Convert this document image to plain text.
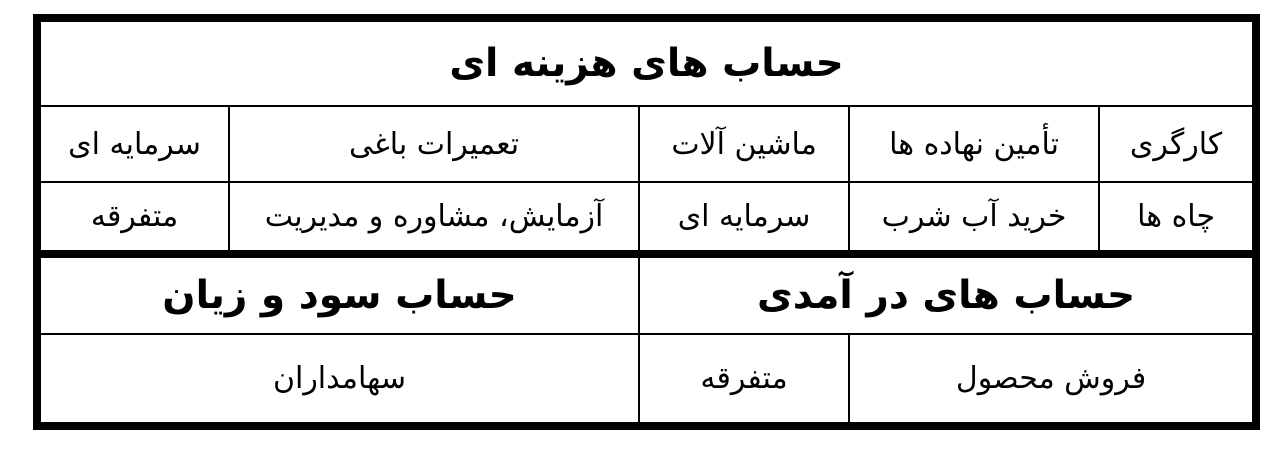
حساب های هزینه ای				
کارگری	تأمین نهاده ها	ماشین آلات	تعمیرات باغی	سرمایه ای
چاه ها	خرید آب شرب	سرمایه ای	آزمایش، مشاوره و مدیریت	متفرقه
حساب های در آمدی			حساب سود و زیان	
فروش محصول		متفرقه	سهامداران	
